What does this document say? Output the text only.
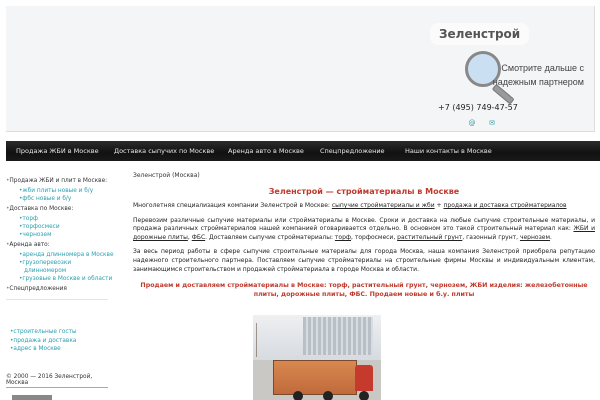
Зеленстрой
Смотрите дальше с
надежным партнером
+7 (495) 749-47-57
@ ✉
Продажа ЖБИ в Москве Доставка сыпучих по Москве Аренда авто в Москве Спецпредложение	Наши контакты в Москве
• Продажа ЖБИ и плит в Москве:
• жби плиты новые и б/у
• фбс новые и б/у
• Доставка по Москве:
• торф
• торфосмеси
• чернозем
• Аренда авто:
• аренда длинномера в Москве
• грузоперевозки длинномером
• грузовые в Москве и области
• Спецпредложения
• строительные госты
• продажа и доставка
• адрес в Москве
© 2000 — 2016 Зеленстрой, Москва
Зеленстрой (Москва)
Зеленстрой — стройматериалы в Москве
Многолетняя специализация компании Зеленстрой в Москве: сыпучие стройматериалы и жби + продажа и доставка стройматериалов
Перевозим различные сыпучие материалы или стройматериалы в Москве. Сроки и доставка на любые сыпучие строительные материалы, и продажа различных стройматериалов нашей компанией оговаривается отдельно. В основном это такой строительный материал как: ЖБИ и дорожные плиты, ФБС. Доставляем сыпучие стройматериалы: торф, торфосмеси, растительный грунт, газонный грунт, чернозем.
За весь период работы в сфере сыпучие строительные материалы для города Москва, наша компания Зеленстрой приобрела репутацию надежного строительного партнера. Поставляем сыпучие стройматериалы на строительные фирмы Москвы и индивидуальным клиентам, занимающимся строительством и продажей стройматериала в городе Москва и области.
Продаем и доставляем стройматериалы в Москве: торф, растительный грунт, чернозем, ЖБИ изделия: железобетонные плиты, дорожные плиты, ФБС. Продаем новые и б.у. плиты
